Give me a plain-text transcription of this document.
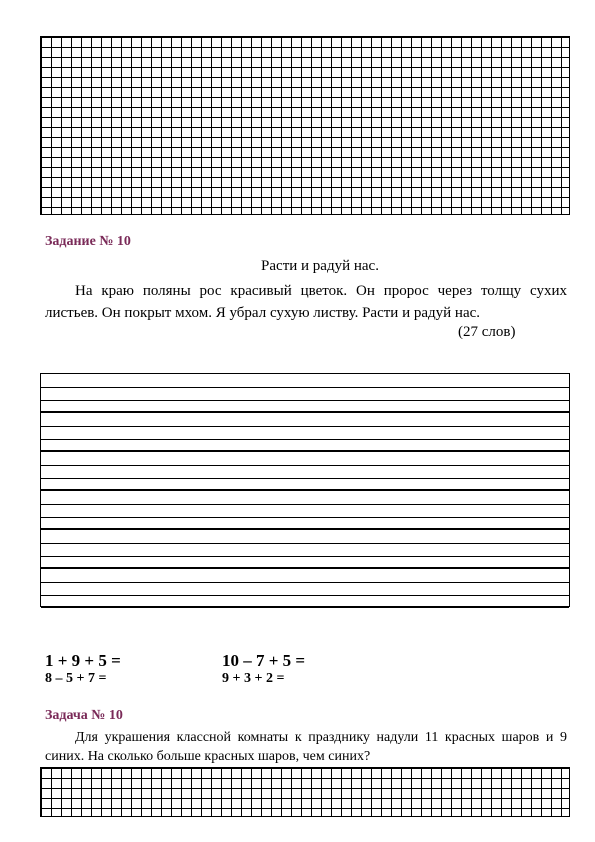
Задание № 10
Расти и радуй нас.

На краю поляны рос красивый цветок. Он пророс через толщу сухих листьев. Он покрыт мхом. Я убрал сухую листву. Расти и радуй нас.

(27 слов)
1 + 9 + 5 =	10 – 7 + 5 =
8 – 5 + 7 =	9 + 3 + 2 =
Задача № 10

Для украшения классной комнаты к празднику надули 11 красных шаров и 9 синих. На сколько больше красных шаров, чем синих?
